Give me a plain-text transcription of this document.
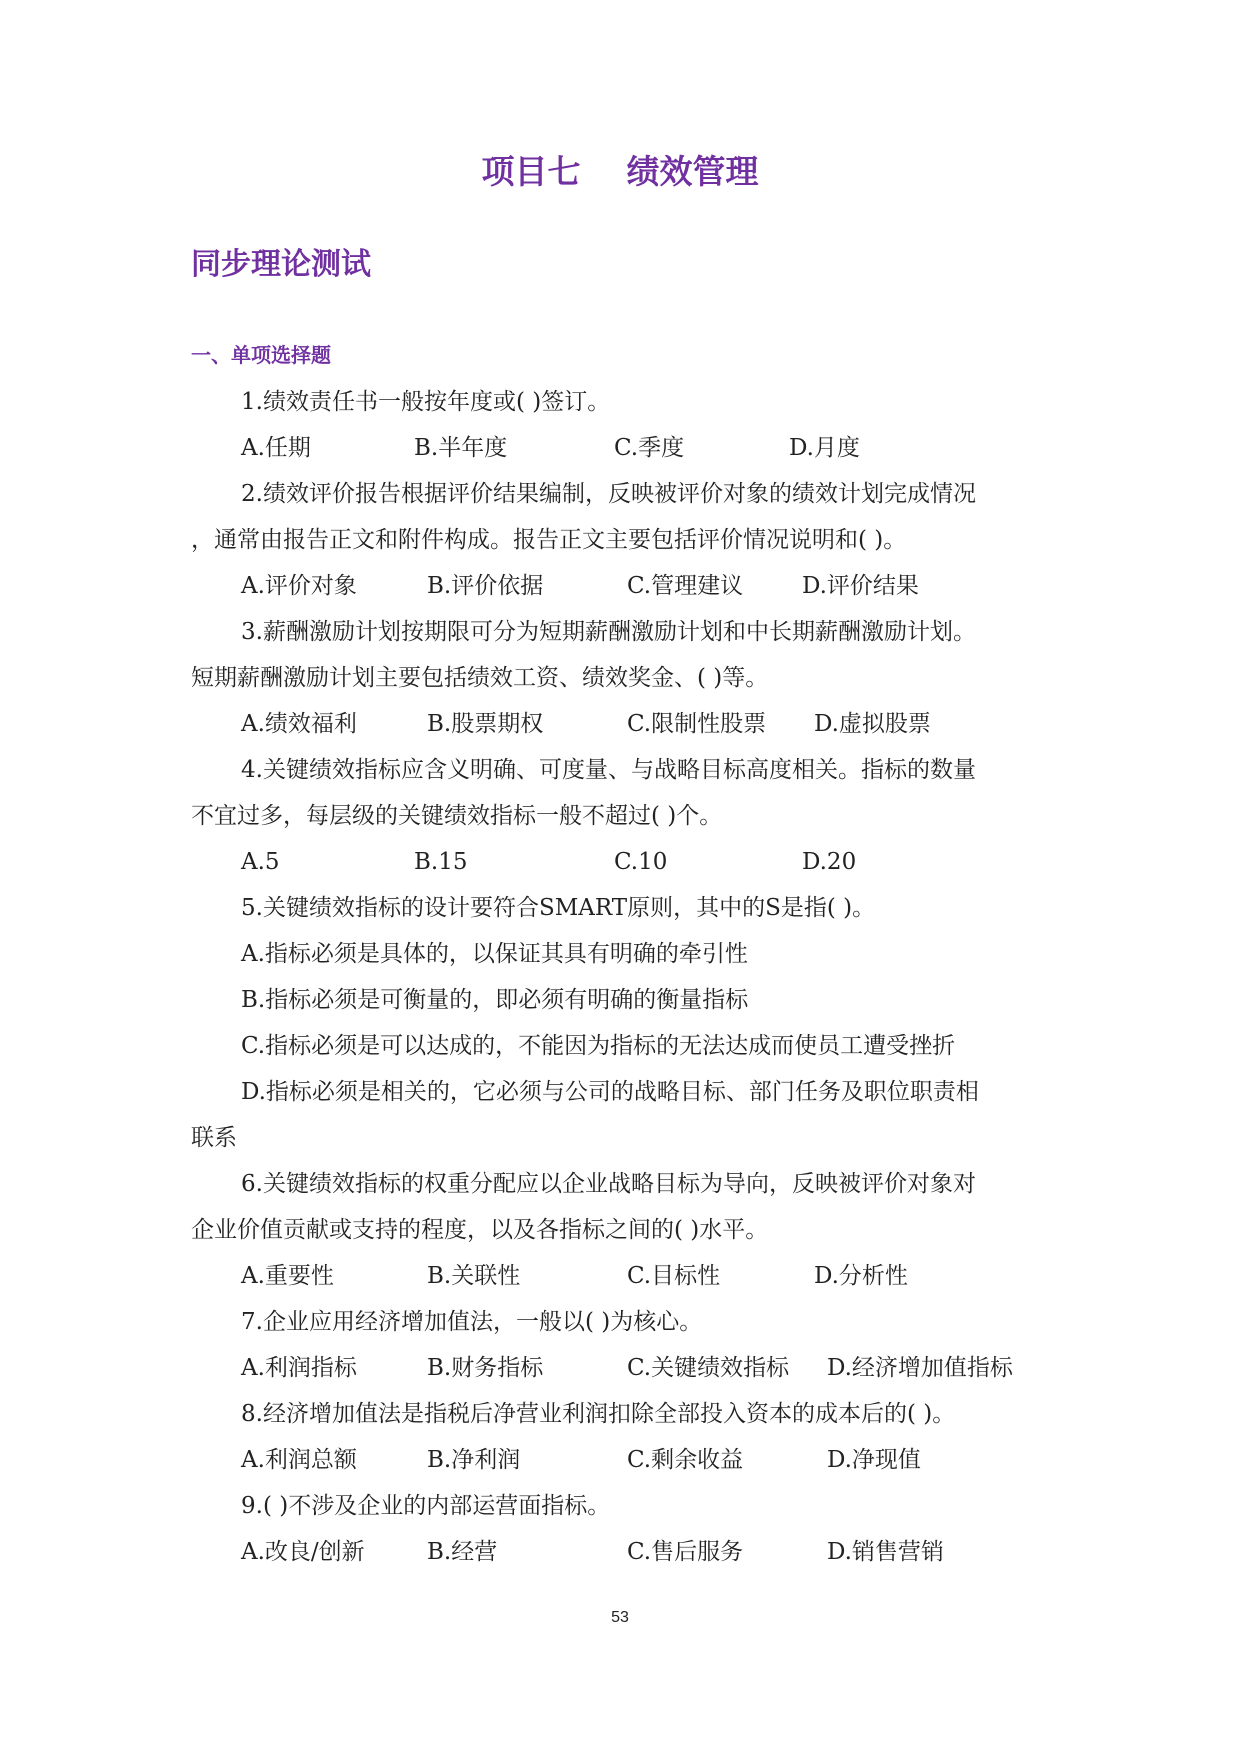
项目七    绩效管理
同步理论测试
一、单项选择题
1.绩效责任书一般按年度或( )签订。
A.任期	B.半年度	C.季度	D.月度
2.绩效评价报告根据评价结果编制，反映被评价对象的绩效计划完成情况
，通常由报告正文和附件构成。报告正文主要包括评价情况说明和( )。
A.评价对象	B.评价依据	C.管理建议	D.评价结果
3.薪酬激励计划按期限可分为短期薪酬激励计划和中长期薪酬激励计划。
短期薪酬激励计划主要包括绩效工资、绩效奖金、( )等。
A.绩效福利	B.股票期权	C.限制性股票 D.虚拟股票
4.关键绩效指标应含义明确、可度量、与战略目标高度相关。指标的数量
不宜过多，每层级的关键绩效指标一般不超过( )个。
A.5	B.15	C.10	D.20
5.关键绩效指标的设计要符合SMART原则，其中的S是指( )。
A.指标必须是具体的，以保证其具有明确的牵引性
B.指标必须是可衡量的，即必须有明确的衡量指标
C.指标必须是可以达成的，不能因为指标的无法达成而使员工遭受挫折
D.指标必须是相关的，它必须与公司的战略目标、部门任务及职位职责相
联系
6.关键绩效指标的权重分配应以企业战略目标为导向，反映被评价对象对
企业价值贡献或支持的程度，以及各指标之间的( )水平。
A.重要性	B.关联性	C.目标性	D.分析性
7.企业应用经济增加值法，一般以( )为核心。
A.利润指标	B.财务指标	C.关键绩效指标 D.经济增加值指标
8.经济增加值法是指税后净营业利润扣除全部投入资本的成本后的( )。
A.利润总额	B.净利润	C.剩余收益	D.净现值
9.( )不涉及企业的内部运营面指标。
A.改良/创新	B.经营	C.售后服务	D.销售营销
53
